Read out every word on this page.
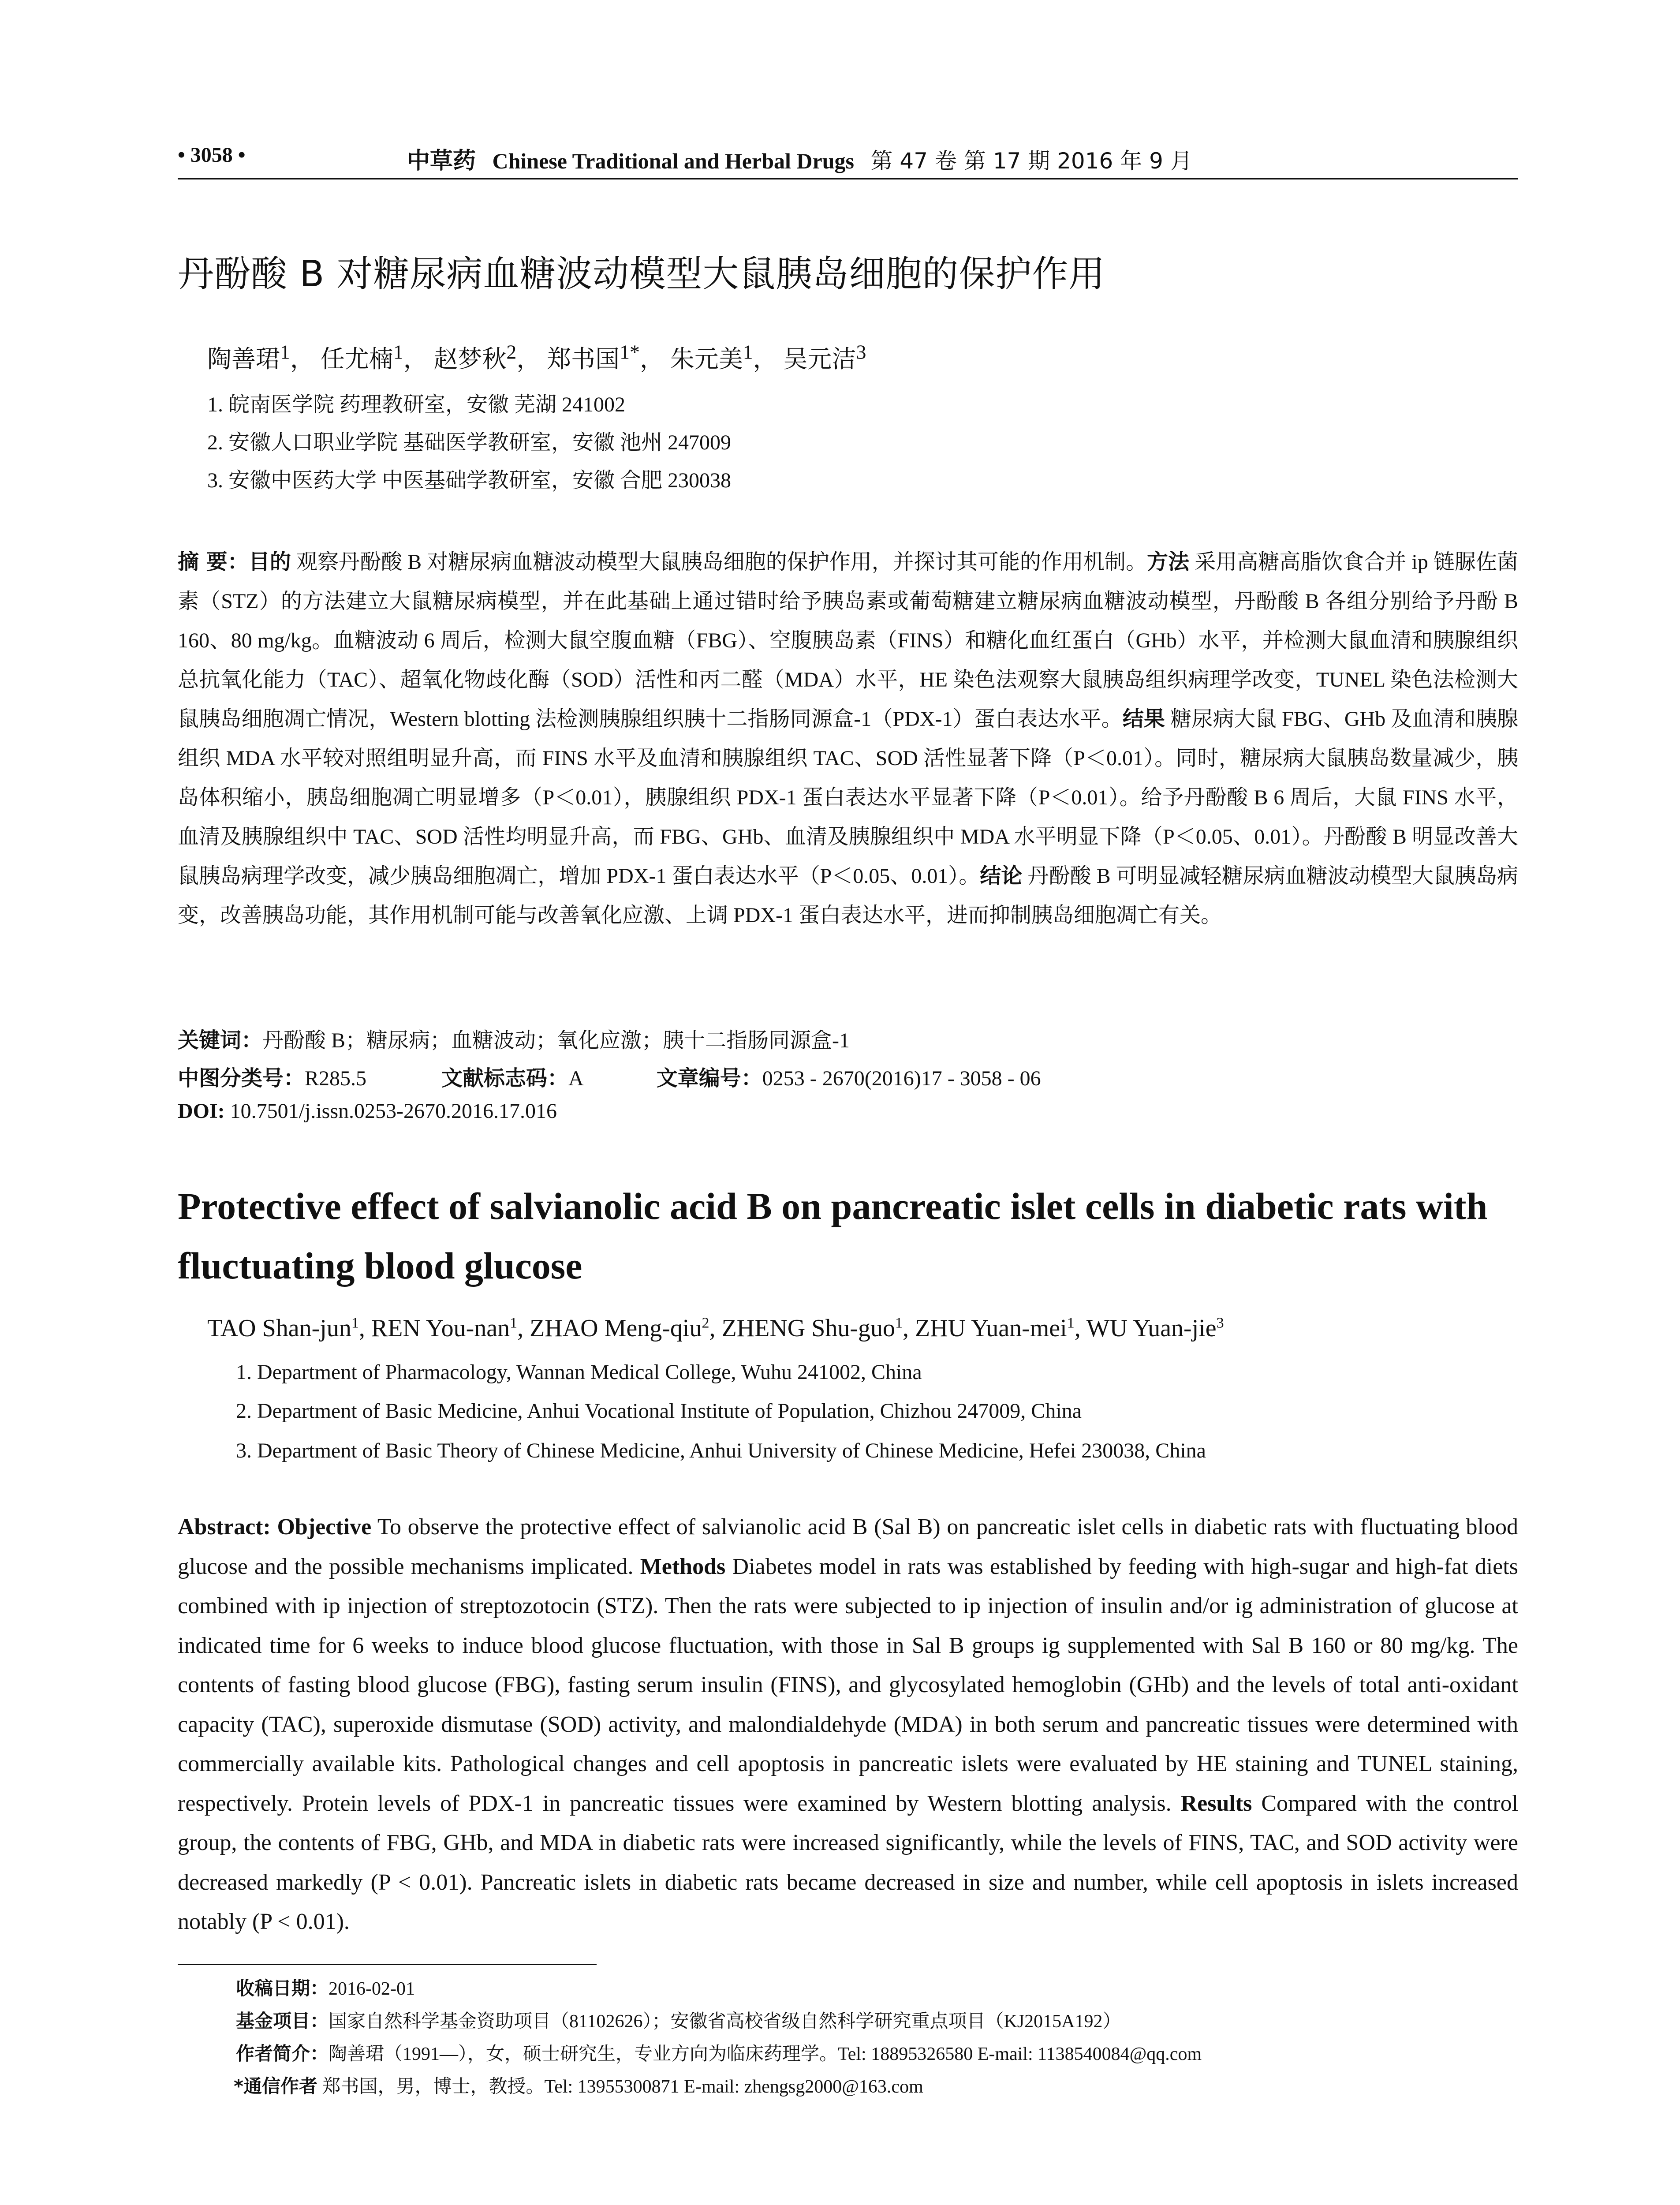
• 3058 •	中草药 Chinese Traditional and Herbal Drugs 第 47 卷 第 17 期 2016 年 9 月
丹酚酸 B 对糖尿病血糖波动模型大鼠胰岛细胞的保护作用
陶善珺$^1$， 任尤楠$^1$， 赵梦秋$^2$， 郑书国$^{1*}$， 朱元美$^1$， 吴元洁$^3$
1. 皖南医学院 药理教研室，安徽 芜湖 241002
2. 安徽人口职业学院 基础医学教研室，安徽 池州 247009
3. 安徽中医药大学 中医基础学教研室，安徽 合肥 230038
摘 要：目的 观察丹酚酸 B 对糖尿病血糖波动模型大鼠胰岛细胞的保护作用，并探讨其可能的作用机制。方法 采用高糖高脂饮食合并 ip 链脲佐菌素（STZ）的方法建立大鼠糖尿病模型，并在此基础上通过错时给予胰岛素或葡萄糖建立糖尿病血糖波动模型，丹酚酸 B 各组分别给予丹酚 B 160、80 mg/kg。血糖波动 6 周后，检测大鼠空腹血糖（FBG）、空腹胰岛素（FINS）和糖化血红蛋白（GHb）水平，并检测大鼠血清和胰腺组织总抗氧化能力（TAC）、超氧化物歧化酶（SOD）活性和丙二醛（MDA）水平，HE 染色法观察大鼠胰岛组织病理学改变，TUNEL 染色法检测大鼠胰岛细胞凋亡情况，Western blotting 法检测胰腺组织胰十二指肠同源盒-1（PDX-1）蛋白表达水平。结果 糖尿病大鼠 FBG、GHb 及血清和胰腺组织 MDA 水平较对照组明显升高，而 FINS 水平及血清和胰腺组织 TAC、SOD 活性显著下降（P＜0.01）。同时，糖尿病大鼠胰岛数量减少，胰岛体积缩小，胰岛细胞凋亡明显增多（P＜0.01），胰腺组织 PDX-1 蛋白表达水平显著下降（P＜0.01）。给予丹酚酸 B 6 周后，大鼠 FINS 水平，血清及胰腺组织中 TAC、SOD 活性均明显升高，而 FBG、GHb、血清及胰腺组织中 MDA 水平明显下降（P＜0.05、0.01）。丹酚酸 B 明显改善大鼠胰岛病理学改变，减少胰岛细胞凋亡，增加 PDX-1 蛋白表达水平（P＜0.05、0.01）。结论 丹酚酸 B 可明显减轻糖尿病血糖波动模型大鼠胰岛病变，改善胰岛功能，其作用机制可能与改善氧化应激、上调 PDX-1 蛋白表达水平，进而抑制胰岛细胞凋亡有关。
关键词：丹酚酸 B；糖尿病；血糖波动；氧化应激；胰十二指肠同源盒-1
中图分类号：R285.5	文献标志码：A	文章编号：0253 - 2670(2016)17 - 3058 - 06
DOI: 10.7501/j.issn.0253-2670.2016.17.016
Protective effect of salvianolic acid B on pancreatic islet cells in diabetic rats with fluctuating blood glucose
TAO Shan-jun$^1$, REN You-nan$^1$, ZHAO Meng-qiu$^2$, ZHENG Shu-guo$^1$, ZHU Yuan-mei$^1$, WU Yuan-jie$^3$
1. Department of Pharmacology, Wannan Medical College, Wuhu 241002, China
2. Department of Basic Medicine, Anhui Vocational Institute of Population, Chizhou 247009, China
3. Department of Basic Theory of Chinese Medicine, Anhui University of Chinese Medicine, Hefei 230038, China
Abstract: Objective To observe the protective effect of salvianolic acid B (Sal B) on pancreatic islet cells in diabetic rats with fluctuating blood glucose and the possible mechanisms implicated. Methods Diabetes model in rats was established by feeding with high-sugar and high-fat diets combined with ip injection of streptozotocin (STZ). Then the rats were subjected to ip injection of insulin and/or ig administration of glucose at indicated time for 6 weeks to induce blood glucose fluctuation, with those in Sal B groups ig supplemented with Sal B 160 or 80 mg/kg. The contents of fasting blood glucose (FBG), fasting serum insulin (FINS), and glycosylated hemoglobin (GHb) and the levels of total anti-oxidant capacity (TAC), superoxide dismutase (SOD) activity, and malondialdehyde (MDA) in both serum and pancreatic tissues were determined with commercially available kits. Pathological changes and cell apoptosis in pancreatic islets were evaluated by HE staining and TUNEL staining, respectively. Protein levels of PDX-1 in pancreatic tissues were examined by Western blotting analysis. Results Compared with the control group, the contents of FBG, GHb, and MDA in diabetic rats were increased significantly, while the levels of FINS, TAC, and SOD activity were decreased markedly (P < 0.01). Pancreatic islets in diabetic rats became decreased in size and number, while cell apoptosis in islets increased notably (P < 0.01).
收稿日期：2016-02-01
基金项目：国家自然科学基金资助项目（81102626）；安徽省高校省级自然科学研究重点项目（KJ2015A192）
作者简介：陶善珺（1991—），女，硕士研究生，专业方向为临床药理学。Tel: 18895326580 E-mail: 1138540084@qq.com
*通信作者 郑书国，男，博士，教授。Tel: 13955300871 E-mail: zhengsg2000@163.com
